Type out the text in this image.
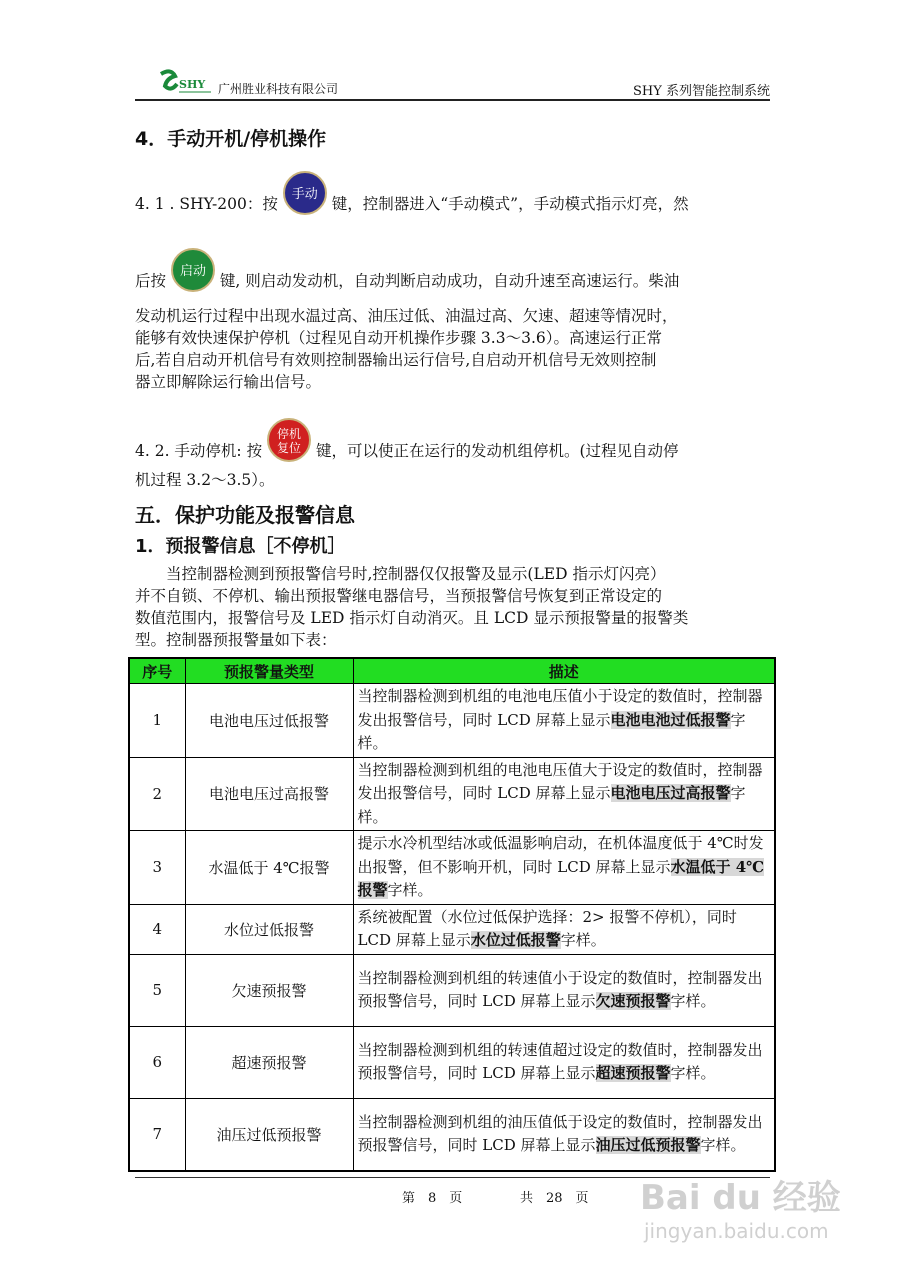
SHY 广州胜业科技有限公司	SHY 系列智能控制系统
4．手动开机/停机操作
4. 1 . SHY-200：按 手动 键，控制器进入“手动模式”，手动模式指示灯亮，然
后按 启动 键, 则启动发动机，自动判断启动成功，自动升速至高速运行。柴油
发动机运行过程中出现水温过高、油压过低、油温过高、欠速、超速等情况时，
能够有效快速保护停机（过程见自动开机操作步骤 3.3～3.6）。高速运行正常
后,若自启动开机信号有效则控制器输出运行信号,自启动开机信号无效则控制
器立即解除运行输出信号。
4. 2. 手动停机: 按 停机
复位 键，可以使正在运行的发动机组停机。(过程见自动停
机过程 3.2～3.5）。
五．保护功能及报警信息
1．预报警信息［不停机］
　　当控制器检测到预报警信号时,控制器仅仅报警及显示(LED 指示灯闪亮）
并不自锁、不停机、输出预报警继电器信号，当预报警信号恢复到正常设定的
数值范围内，报警信号及 LED 指示灯自动消灭。且 LCD 显示预报警量的报警类
型。控制器预报警量如下表：
序号	预报警量类型	描述
1	电池电压过低报警	当控制器检测到机组的电池电压值小于设定的数值时，控制器发出报警信号，同时 LCD 屏幕上显示电池电池过低报警字样。
2	电池电压过高报警	当控制器检测到机组的电池电压值大于设定的数值时，控制器发出报警信号，同时 LCD 屏幕上显示电池电压过高报警字样。
3	水温低于 4℃报警	提示水冷机型结冰或低温影响启动，在机体温度低于 4℃时发出报警，但不影响开机，同时 LCD 屏幕上显示水温低于 4℃报警字样。
4	水位过低报警	系统被配置（水位过低保护选择：2> 报警不停机），同时 LCD 屏幕上显示水位过低报警字样。
5	欠速预报警	当控制器检测到机组的转速值小于设定的数值时，控制器发出预报警信号，同时 LCD 屏幕上显示欠速预报警字样。
6	超速预报警	当控制器检测到机组的转速值超过设定的数值时，控制器发出预报警信号，同时 LCD 屏幕上显示超速预报警字样。
7	油压过低预报警	当控制器检测到机组的油压值低于设定的数值时，控制器发出预报警信号，同时 LCD 屏幕上显示油压过低预报警字样。
第　8　页	共　28　页 Bai du 经验
jingyan.baidu.com
